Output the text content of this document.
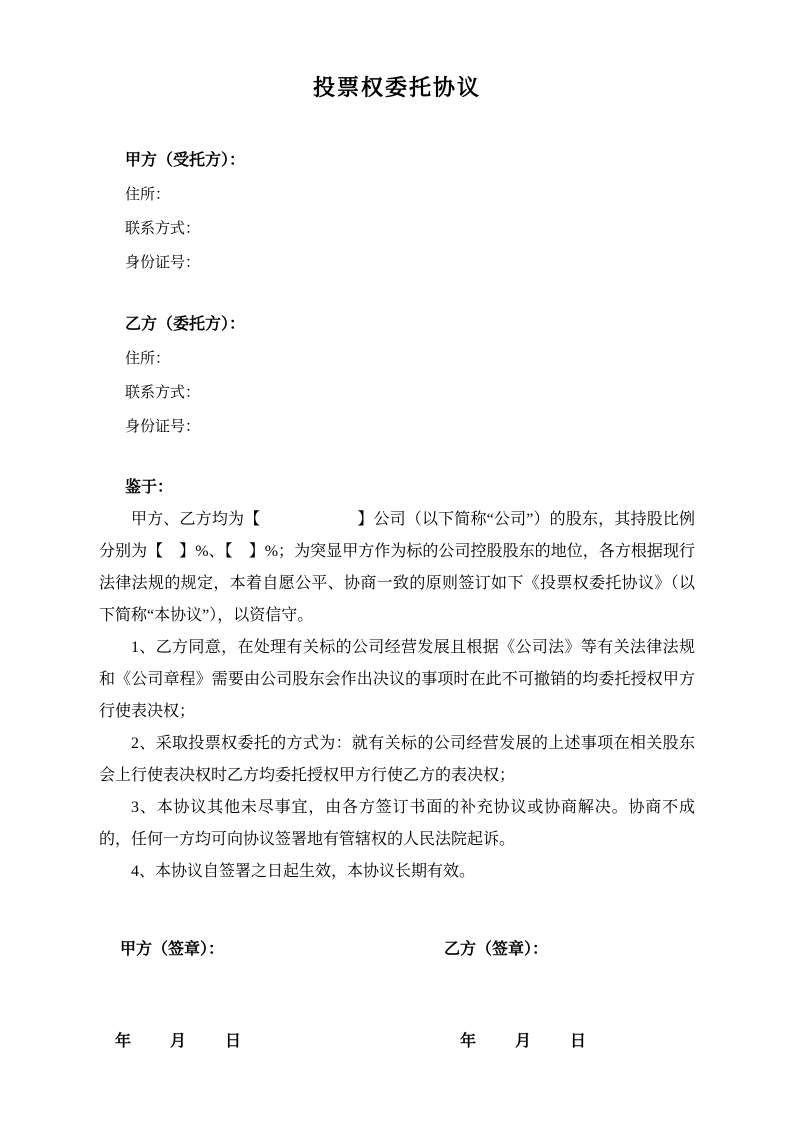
投票权委托协议

甲方（受托方）：

住所：

联系方式：

身份证号：

乙方（委托方）：

住所：

联系方式：

身份证号：

鉴于：

甲方、乙方均为【　　　　　　】公司（以下简称“公司”）的股东，其持股比例分别为【　】%、【　】%；为突显甲方作为标的公司控股股东的地位，各方根据现行法律法规的规定，本着自愿公平、协商一致的原则签订如下《投票权委托协议》（以下简称“本协议”），以资信守。

1、乙方同意，在处理有关标的公司经营发展且根据《公司法》等有关法律法规和《公司章程》需要由公司股东会作出决议的事项时在此不可撤销的均委托授权甲方行使表决权；

2、采取投票权委托的方式为：就有关标的公司经营发展的上述事项在相关股东会上行使表决权时乙方均委托授权甲方行使乙方的表决权；

3、本协议其他未尽事宜，由各方签订书面的补充协议或协商解决。协商不成的，任何一方均可向协议签署地有管辖权的人民法院起诉。

4、本协议自签署之日起生效，本协议长期有效。

甲方（签章）：	乙方（签章）：
年 月 日	年 月 日
